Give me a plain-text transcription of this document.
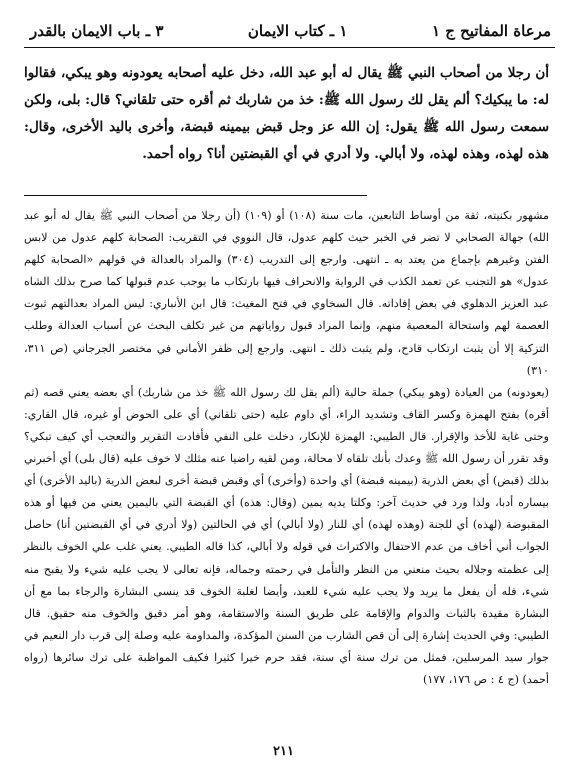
مرعاة المفاتيح ج ١
١ ـ كتاب الايمان
٣ ـ باب الايمان بالقدر

أن رجلا من أصحاب النبي ﷺ يقال له أبو عبد الله، دخل عليه أصحابه يعودونه وهو يبكي، فقالوا له: ما يبكيك؟ ألم يقل لك رسول الله ﷺ: خذ من شاربك ثم أقره حتى تلقاني؟ قال: بلى، ولكن سمعت رسول الله ﷺ يقول: إن الله عز وجل قبض بيمينه قبضة، وأخرى باليد الأخرى، وقال: هذه لهذه، وهذه لهذه، ولا أبالي. ولا أدري في أي القبضتين أنا؟ رواه أحمد.

مشهور بكنيته، ثقة من أوساط التابعين، مات سنة (١٠٨) أو (١٠٩) (أن رجلا من أصحاب النبي ﷺ يقال له أبو عبد الله) جهالة الصحابي لا تضر في الخبر حيث كلهم عدول، قال النووي في التقريب: الصحابة كلهم عدول من لابس الفتن وغيرهم بإجماع من يعتد به ـ انتهى. وارجع إلى التدريب (٣٠٤) والمراد بالعدالة في قولهم «الصحابة كلهم عدول» هو التجنب عن تعمد الكذب في الرواية والانحراف فيها بارتكاب ما يوجب عدم قبولها كما صرح بذلك الشاه عبد العزيز الدهلوي في بعض إفاداته. قال السخاوي في فتح المغيث: قال ابن الأنباري: ليس المراد بعدالتهم ثبوت العصمة لهم واستحالة المعصية منهم، وإنما المراد قبول رواياتهم من غير تكلف البحث عن أسباب العدالة وطلب التزكية إلا أن يثبت ارتكاب قادح، ولم يثبت ذلك ـ انتهى. وارجع إلى ظفر الأماني في مختصر الجرجاني (ص ٣١١، ٣١٠)

(يعودونه) من العيادة (وهو يبكي) جملة حالية (ألم يقل لك رسول الله ﷺ خذ من شاربك) أي بعضه يعني قصه (ثم أقره) بفتح الهمزة وكسر القاف وتشديد الراء، أي داوم عليه (حتى تلقاني) أي على الحوض أو غيره، قال القاري: وحتى غاية للأخذ والإقرار. قال الطيبي: الهمزة للإنكار، دخلت على النفي فأفادت التقرير والتعجب أي كيف تبكي؟ وقد تقرر أن رسول الله ﷺ وعدك بأنك تلقاه لا محالة، ومن لقيه راضيا عنه مثلك لا خوف عليه (قال بلى) أي أخبرني بذلك (قبض) أي بعض الذرية (بيمينه قبضة) أي واحدة (وأخرى) أي وقبض قبضة أخرى لبعض الذرية (باليد الأخرى) أي بيساره أدبا، ولذا ورد في حديث آخر: وكلتا يديه يمين (وقال: هذه) أي القبضة التي باليمين يعني من فيها أو هذه المقبوضة (لهذه) أي للجنة (وهذه لهذه) أي للنار (ولا أبالي) أي في الحالتين (ولا أدري في أي القبضتين أنا) حاصل الجواب أني أخاف من عدم الاحتفال والاكتراث في قوله ولا أبالي، كذا قاله الطيبي. يعني غلب علي الخوف بالنظر إلى عظمته وجلاله بحيث منعني من النظر والتأمل في رحمته وجماله، فإنه تعالى لا يجب عليه شيء ولا يقبح منه شيء، فله أن يفعل ما يريد ولا يجب عليه شيء للعبد، وأيضا لغلبة الخوف قد ينسى البشارة والرجاء بما مع أن البشارة مقيدة بالثبات والدوام والإقامة على طريق السنة والاستقامة، وهو أمر دقيق والخوف منه حقيق. قال الطيبي: وفي الحديث إشارة إلى أن قص الشارب من السنن المؤكدة، والمداومة عليه وصلة إلى قرب دار النعيم في جوار سيد المرسلين، فمثل من ترك سنة أي سنة، فقد حرم خيرا كثيرا فكيف المواظبة على ترك سائرها (رواه أحمد) (ج ٤ : ص ١٧٦، ١٧٧)

٢١١
